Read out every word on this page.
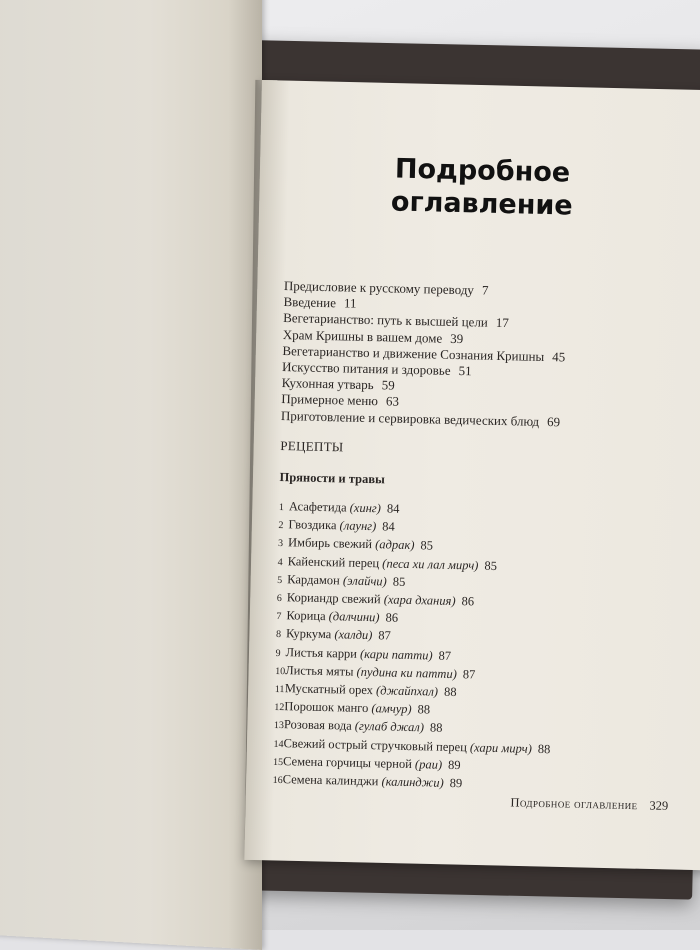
Подробное
оглавление
Предисловие к русскому переводу 7
Введение 11
Вегетарианство: путь к высшей цели 17
Храм Кришны в вашем доме 39
Вегетарианство и движение Сознания Кришны 45
Искусство питания и здоровье 51
Кухонная утварь 59
Примерное меню 63
Приготовление и сервировка ведических блюд 69
РЕЦЕПТЫ
Пряности и травы
1 Асафетида (хинг) 84
2 Гвоздика (лаунг) 84
3 Имбирь свежий (адрак) 85
4 Кайенский перец (песа хи лал мирч) 85
5 Кардамон (элайчи) 85
6 Кориандр свежий (хара дхания) 86
7 Корица (далчини) 86
8 Куркума (халди) 87
9 Листья карри (кари патти) 87
10Листья мяты (пудина ки патти) 87
11Мускатный орех (джайпхал) 88
12Порошок манго (амчур) 88
13Розовая вода (гулаб джал) 88
14Свежий острый стручковый перец (хари мирч) 88
15Семена горчицы черной (раи) 89
16Семена калинджи (калинджи) 89
Подробное оглавление 329
